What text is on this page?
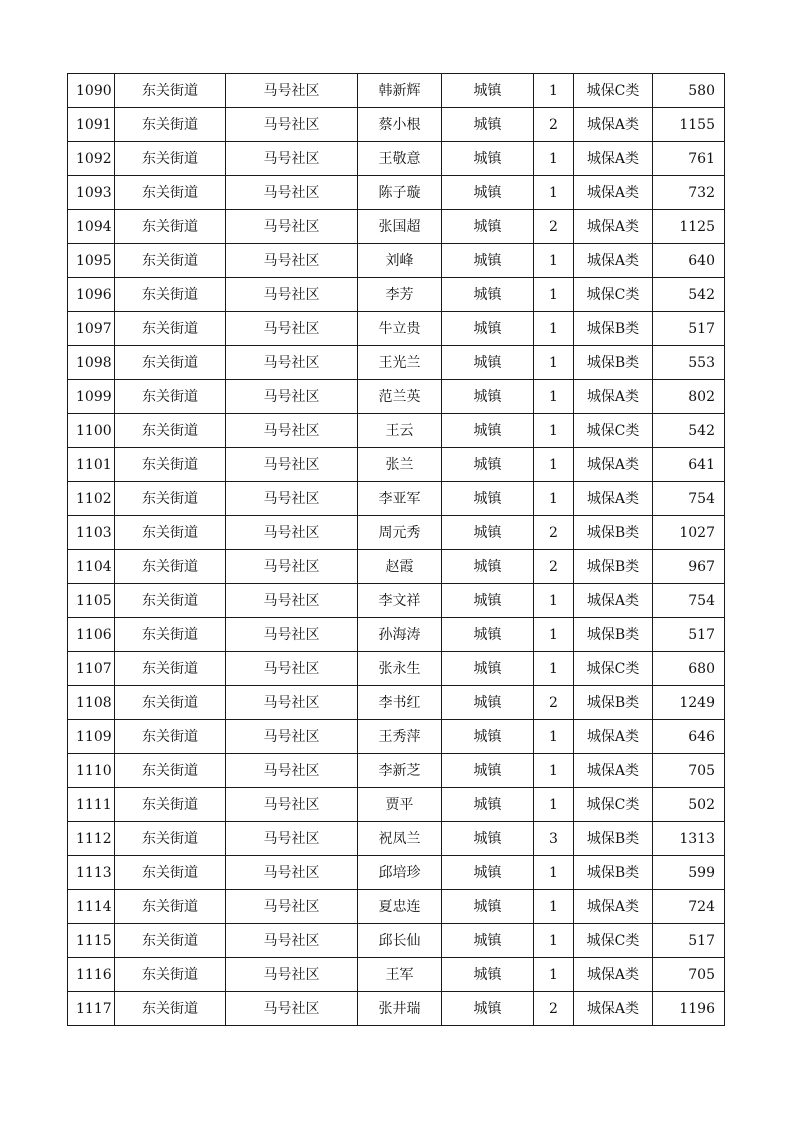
1090	东关街道	马号社区	韩新辉	城镇	1	城保C类	580
1091	东关街道	马号社区	蔡小根	城镇	2	城保A类	1155
1092	东关街道	马号社区	王敬意	城镇	1	城保A类	761
1093	东关街道	马号社区	陈子璇	城镇	1	城保A类	732
1094	东关街道	马号社区	张国超	城镇	2	城保A类	1125
1095	东关街道	马号社区	刘峰	城镇	1	城保A类	640
1096	东关街道	马号社区	李芳	城镇	1	城保C类	542
1097	东关街道	马号社区	牛立贵	城镇	1	城保B类	517
1098	东关街道	马号社区	王光兰	城镇	1	城保B类	553
1099	东关街道	马号社区	范兰英	城镇	1	城保A类	802
1100	东关街道	马号社区	王云	城镇	1	城保C类	542
1101	东关街道	马号社区	张兰	城镇	1	城保A类	641
1102	东关街道	马号社区	李亚军	城镇	1	城保A类	754
1103	东关街道	马号社区	周元秀	城镇	2	城保B类	1027
1104	东关街道	马号社区	赵霞	城镇	2	城保B类	967
1105	东关街道	马号社区	李文祥	城镇	1	城保A类	754
1106	东关街道	马号社区	孙海涛	城镇	1	城保B类	517
1107	东关街道	马号社区	张永生	城镇	1	城保C类	680
1108	东关街道	马号社区	李书红	城镇	2	城保B类	1249
1109	东关街道	马号社区	王秀萍	城镇	1	城保A类	646
1110	东关街道	马号社区	李新芝	城镇	1	城保A类	705
1111	东关街道	马号社区	贾平	城镇	1	城保C类	502
1112	东关街道	马号社区	祝凤兰	城镇	3	城保B类	1313
1113	东关街道	马号社区	邱培珍	城镇	1	城保B类	599
1114	东关街道	马号社区	夏忠连	城镇	1	城保A类	724
1115	东关街道	马号社区	邱长仙	城镇	1	城保C类	517
1116	东关街道	马号社区	王军	城镇	1	城保A类	705
1117	东关街道	马号社区	张井瑞	城镇	2	城保A类	1196
